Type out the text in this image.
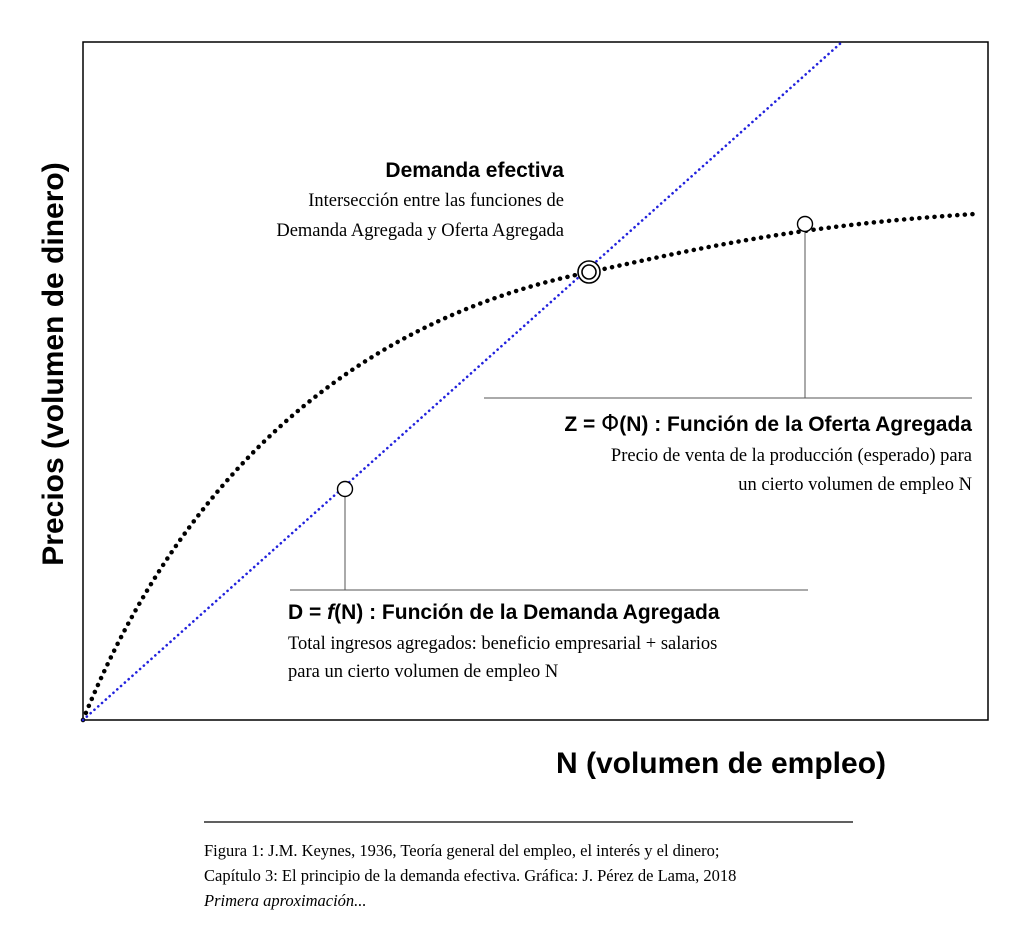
Precios (volumen de dinero)
N (volumen de empleo)
Demanda efectiva
Intersección entre las funciones de
Demanda Agregada y Oferta Agregada
Z = Φ(N) : Función de la Oferta Agregada
Precio de venta de la producción (esperado) para
un cierto volumen de empleo N
D = f(N) : Función de la Demanda Agregada
Total ingresos agregados: beneficio empresarial + salarios
para un cierto volumen de empleo N
Figura 1: J.M. Keynes, 1936, Teoría general del empleo, el interés y el dinero;
Capítulo 3: El principio de la demanda efectiva. Gráfica: J. Pérez de Lama, 2018
Primera aproximación...
